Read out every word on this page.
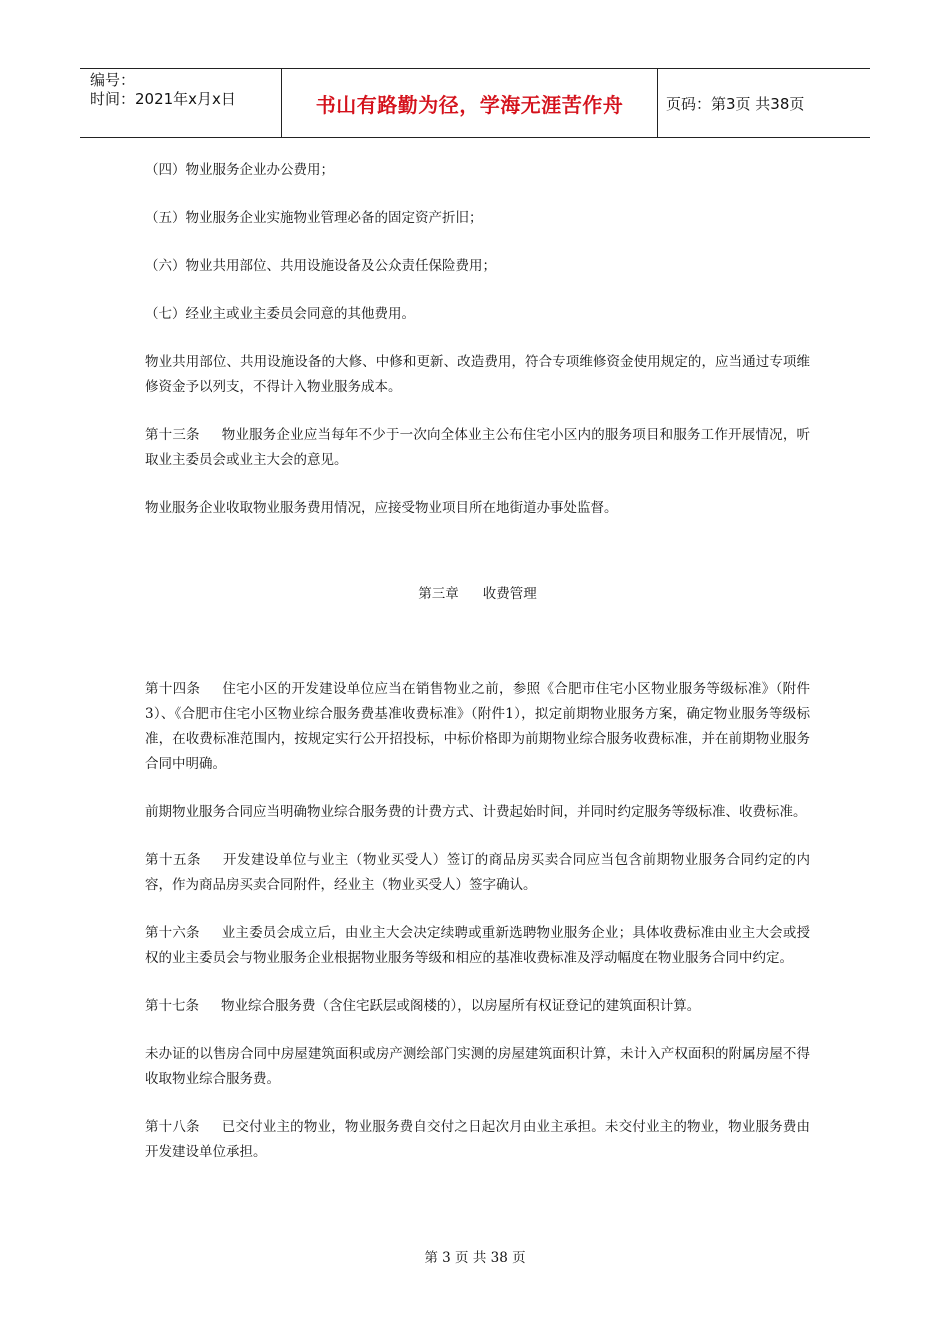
编号：
时间：2021年x月x日	书山有路勤为径，学海无涯苦作舟	页码：第3页 共38页

（四）物业服务企业办公费用；

（五）物业服务企业实施物业管理必备的固定资产折旧；

（六）物业共用部位、共用设施设备及公众责任保险费用；

（七）经业主或业主委员会同意的其他费用。

物业共用部位、共用设施设备的大修、中修和更新、改造费用，符合专项维修资金使用规定的，应当通过专项维修资金予以列支，不得计入物业服务成本。

第十三条 物业服务企业应当每年不少于一次向全体业主公布住宅小区内的服务项目和服务工作开展情况，听取业主委员会或业主大会的意见。

物业服务企业收取物业服务费用情况，应接受物业项目所在地街道办事处监督。

第三章 收费管理

第十四条 住宅小区的开发建设单位应当在销售物业之前，参照《合肥市住宅小区物业服务等级标准》（附件3）、《合肥市住宅小区物业综合服务费基准收费标准》（附件1），拟定前期物业服务方案，确定物业服务等级标准，在收费标准范围内，按规定实行公开招投标，中标价格即为前期物业综合服务收费标准，并在前期物业服务合同中明确。

前期物业服务合同应当明确物业综合服务费的计费方式、计费起始时间，并同时约定服务等级标准、收费标准。

第十五条 开发建设单位与业主（物业买受人）签订的商品房买卖合同应当包含前期物业服务合同约定的内容，作为商品房买卖合同附件，经业主（物业买受人）签字确认。

第十六条 业主委员会成立后，由业主大会决定续聘或重新选聘物业服务企业；具体收费标准由业主大会或授权的业主委员会与物业服务企业根据物业服务等级和相应的基准收费标准及浮动幅度在物业服务合同中约定。

第十七条 物业综合服务费（含住宅跃层或阁楼的），以房屋所有权证登记的建筑面积计算。

未办证的以售房合同中房屋建筑面积或房产测绘部门实测的房屋建筑面积计算，未计入产权面积的附属房屋不得收取物业综合服务费。

第十八条 已交付业主的物业，物业服务费自交付之日起次月由业主承担。未交付业主的物业，物业服务费由开发建设单位承担。

第 3 页 共 38 页
